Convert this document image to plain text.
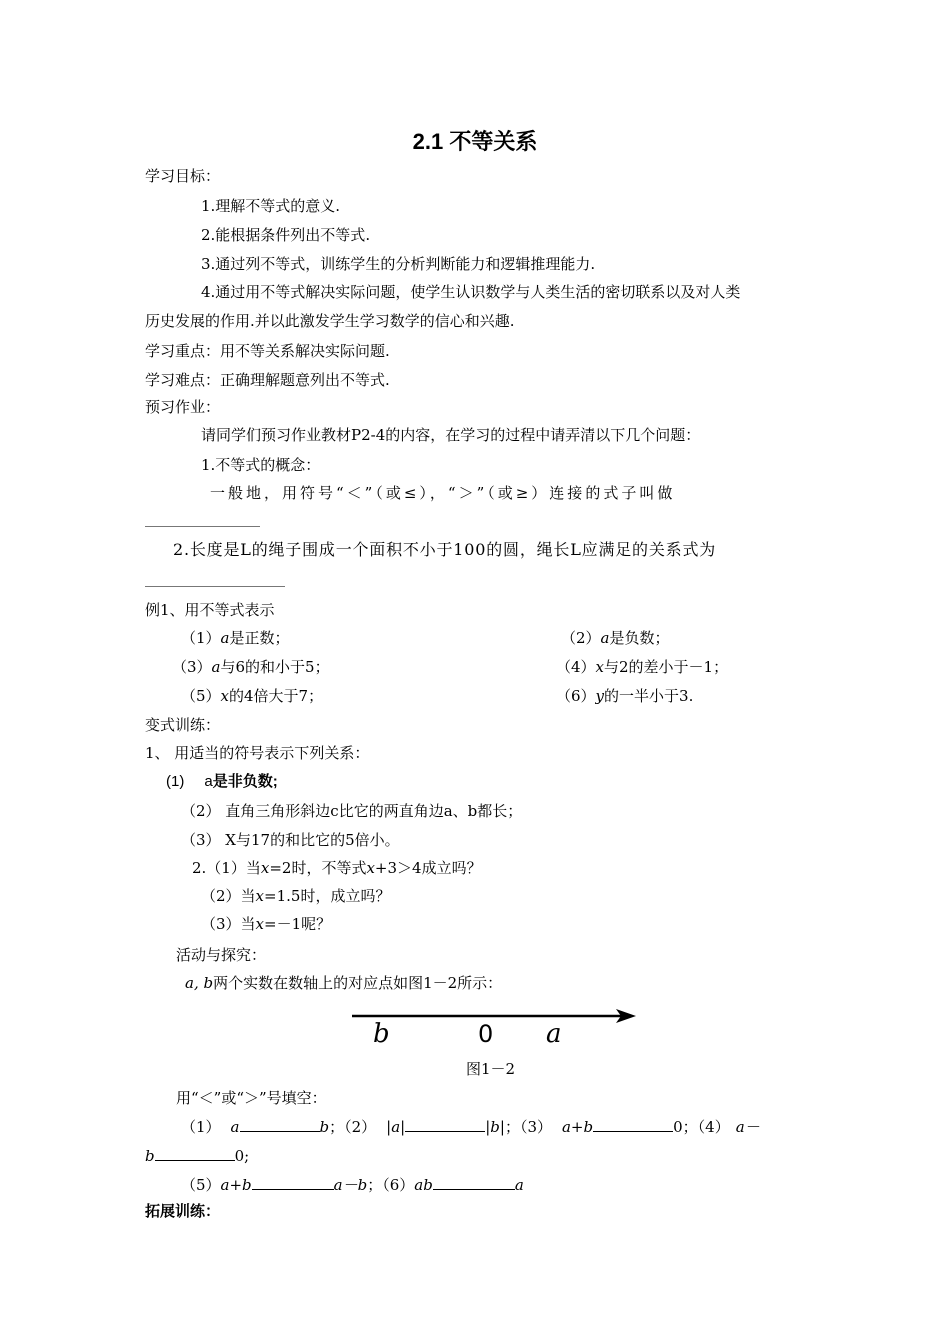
2.1 不等关系
学习目标：
1.理解不等式的意义.
2.能根据条件列出不等式.
3.通过列不等式，训练学生的分析判断能力和逻辑推理能力.
4.通过用不等式解决实际问题，使学生认识数学与人类生活的密切联系以及对人类
历史发展的作用.并以此激发学生学习数学的信心和兴趣.
学习重点：用不等关系解决实际问题.
学习难点：正确理解题意列出不等式.
预习作业：
请同学们预习作业教材P2-4的内容，在学习的过程中请弄清以下几个问题：
1.不等式的概念：
一般地，用符号“＜”（或≤），“＞”（或≥）连接的式子叫做
2.长度是L的绳子围成一个面积不小于100的圆，绳长L应满足的关系式为
例1、用不等式表示
（1）a是正数；	（2）a是负数；
（3）a与6的和小于5；	（4）x与2的差小于－1；
（5）x的4倍大于7；	（6）y的一半小于3.
变式训练：
1、 用适当的符号表示下列关系：
(1) a是非负数;
（2） 直角三角形斜边c比它的两直角边a、b都长；
（3） X与17的和比它的5倍小。
2.（1）当x=2时，不等式x+3＞4成立吗？
（2）当x=1.5时，成立吗？
（3）当x=－1呢？
活动与探究：
a, b两个实数在数轴上的对应点如图1－2所示：
b	0 a
图1－2
用“＜”或“＞”号填空：
（1） a	b；（2） |a|	|b|；（3） a+b	0；（4） a－
b	0;
（5）a+b	a－b；（6）ab	a
拓展训练：
